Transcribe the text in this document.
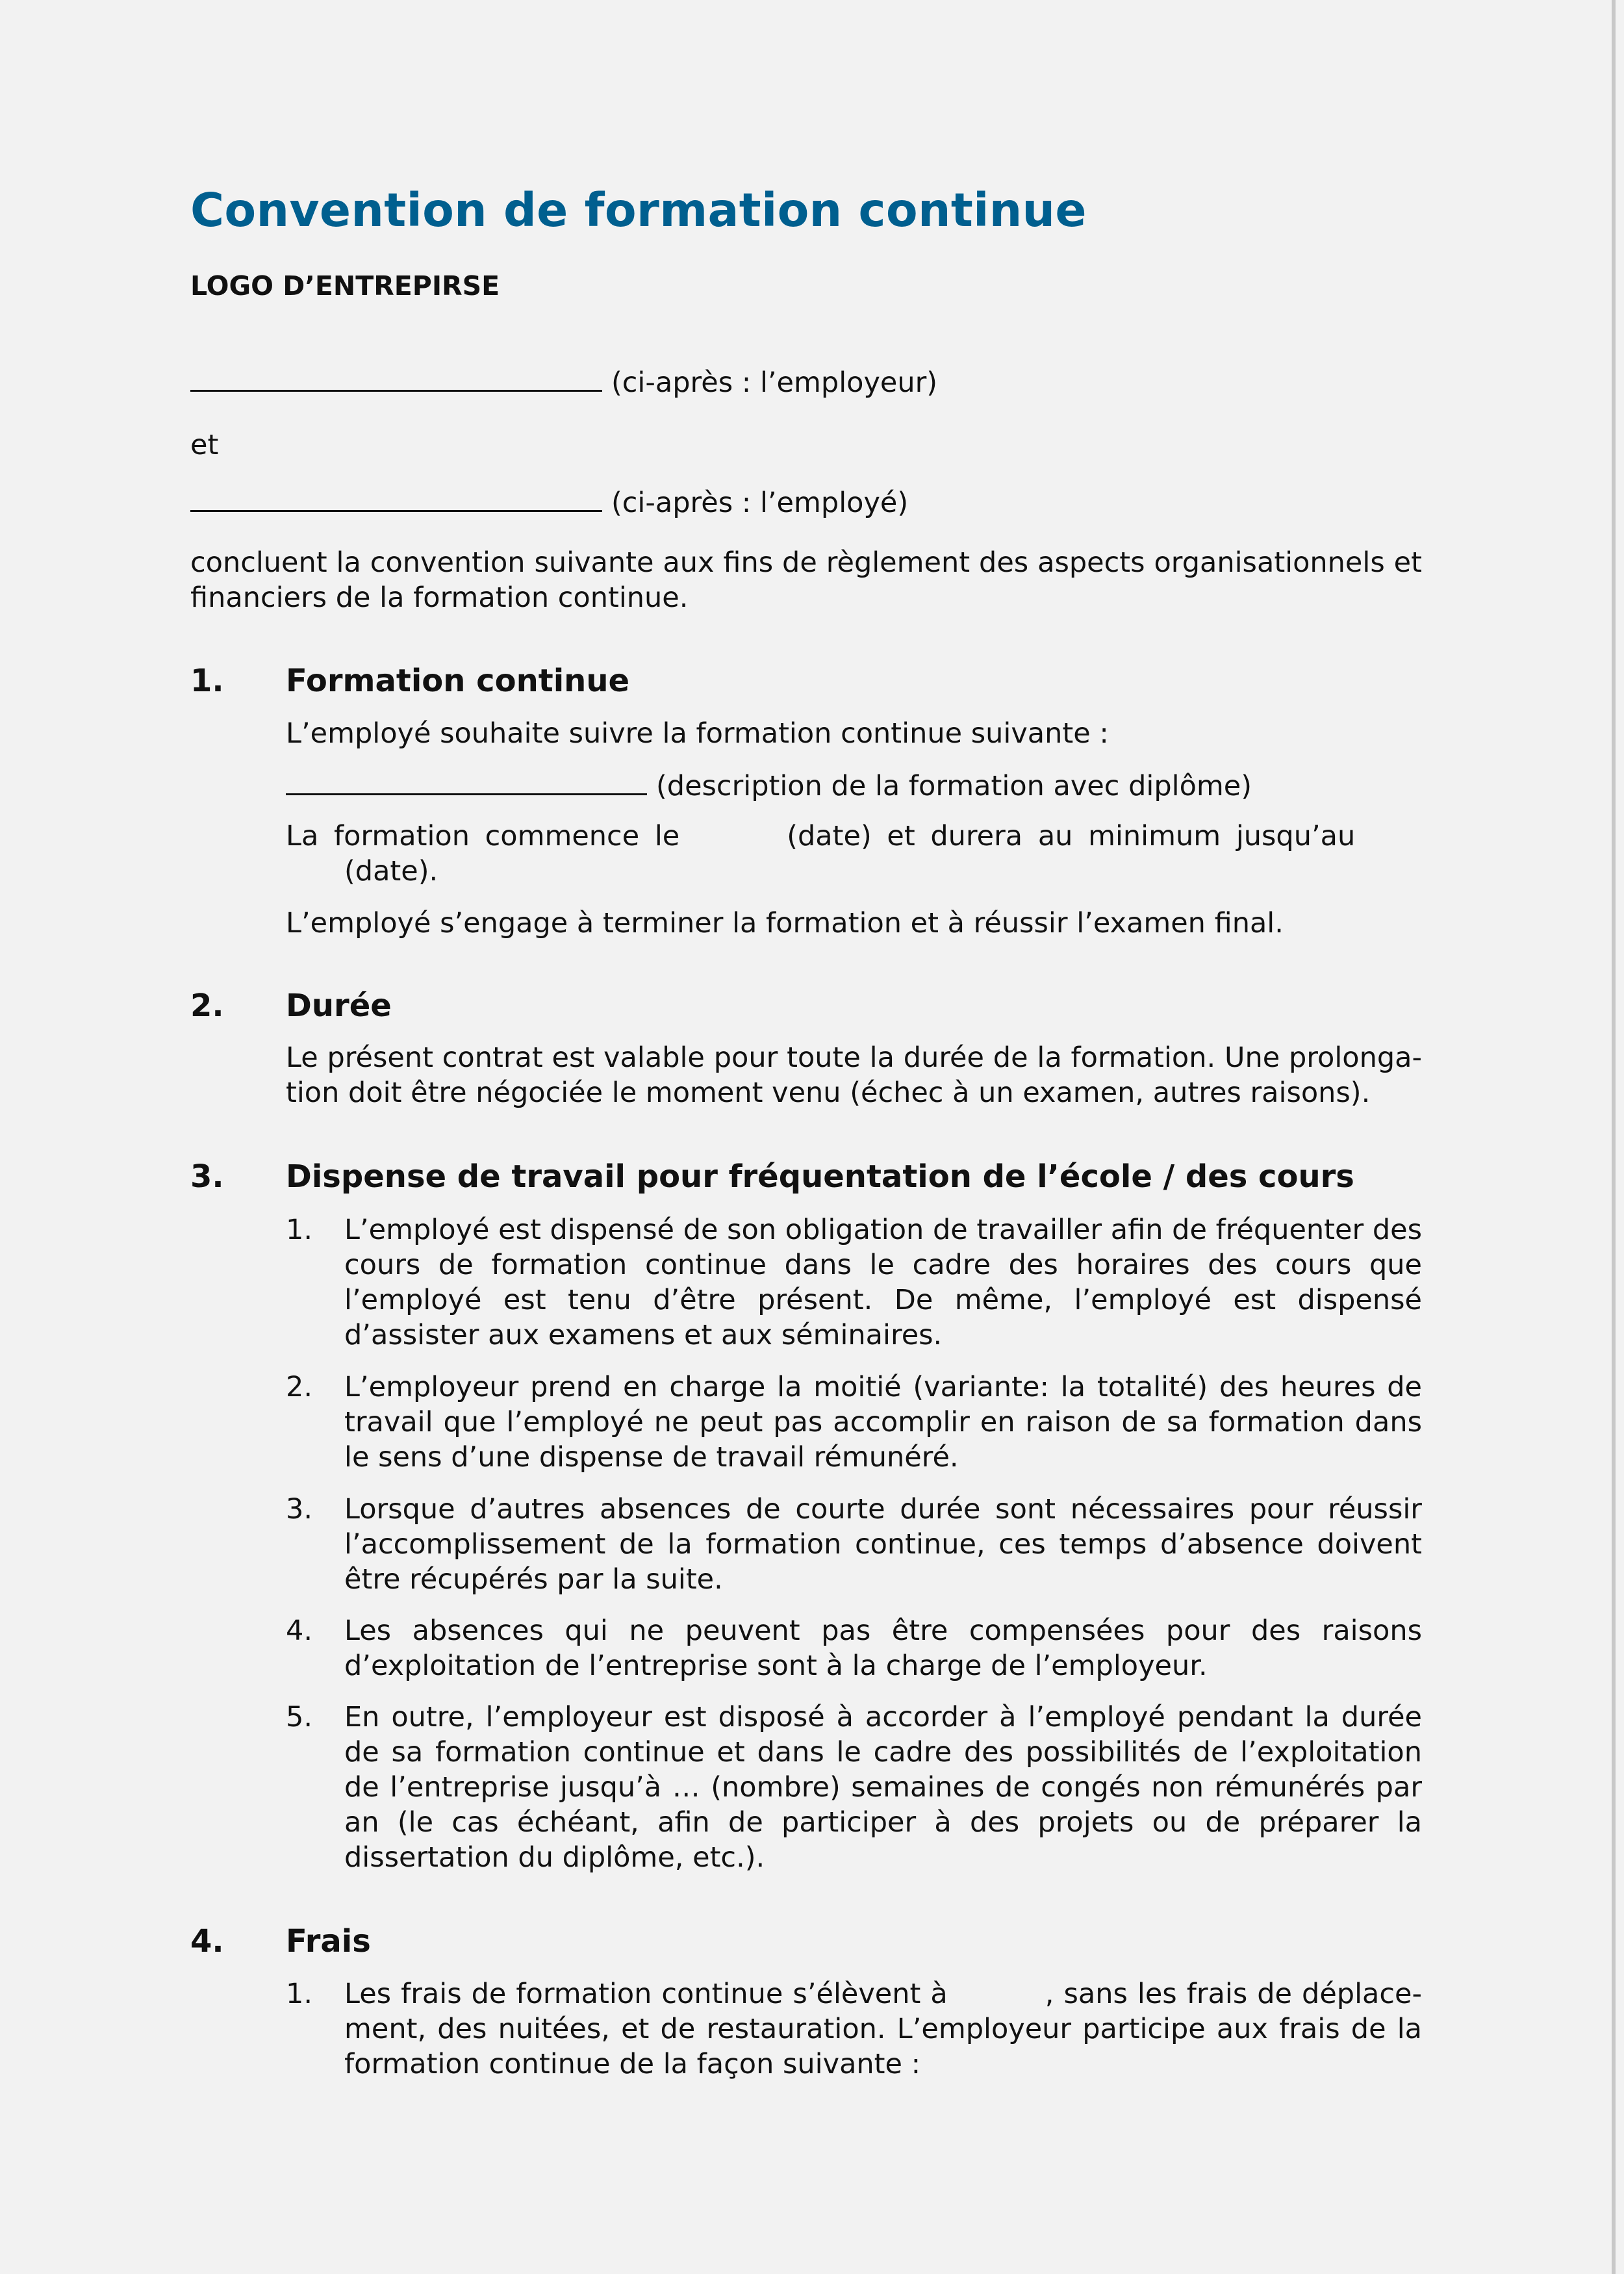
Convention de formation continue
LOGO D’ENTREPIRSE
(ci-après : l’employeur)
et
(ci-après : l’employé)

concluent la convention suivante aux fins de règlement des aspects organisationnels et financiers de la formation continue.

1. Formation continue

L’employé souhaite suivre la formation continue suivante :

(description de la formation avec diplôme)
La formation commence le	(date) et durera au minimum jusqu’au
(date).

L’employé s’engage à terminer la formation et à réussir l’examen final.

2. Durée

Le présent contrat est valable pour toute la durée de la formation. Une prolonga-tion doit être négociée le moment venu (échec à un examen, autres raisons).

3. Dispense de travail pour fréquentation de l’école / des cours
1. L’employé est dispensé de son obligation de travailler afin de fréquenter des cours de formation continue dans le cadre des horaires des cours que l’employé est tenu d’être présent. De même, l’employé est dispensé d’assister aux examens et aux séminaires.

2. L’employeur prend en charge la moitié (variante: la totalité) des heures de travail que l’employé ne peut pas accomplir en raison de sa formation dans le sens d’une dispense de travail rémunéré.

3. Lorsque d’autres absences de courte durée sont nécessaires pour réussir l’accomplissement de la formation continue, ces temps d’absence doivent être récupérés par la suite.

4. Les absences qui ne peuvent pas être compensées pour des raisons d’exploitation de l’entreprise sont à la charge de l’employeur.

5. En outre, l’employeur est disposé à accorder à l’employé pendant la durée de sa formation continue et dans le cadre des possibilités de l’exploitation de l’entreprise jusqu’à … (nombre) semaines de congés non rémunérés par an (le cas échéant, afin de participer à des projets ou de préparer la dissertation du diplôme, etc.).

4. Frais
1. Les frais de formation continue s’élèvent à	, sans les frais de déplace-ment, des nuitées, et de restauration. L’employeur participe aux frais de la formation continue de la façon suivante :
